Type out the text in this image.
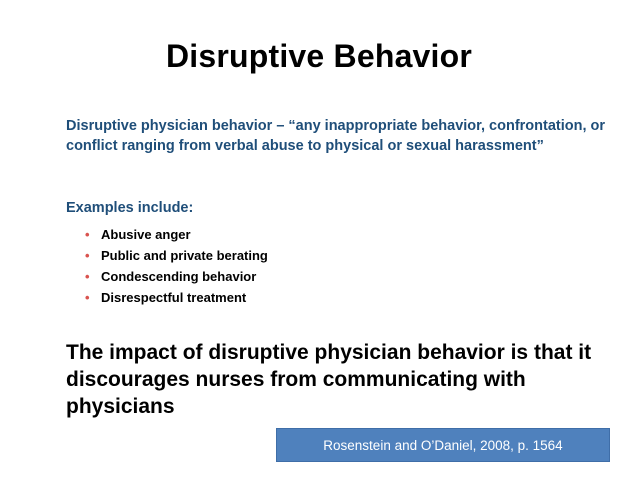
Disruptive Behavior
Disruptive physician behavior – “any inappropriate behavior, confrontation, or conflict ranging from verbal abuse to physical or sexual harassment”
Examples include:
• Abusive anger
• Public and private berating
• Condescending behavior
• Disrespectful treatment
The impact of disruptive physician behavior is that it discourages nurses from communicating with physicians
Rosenstein and O’Daniel, 2008, p. 1564
